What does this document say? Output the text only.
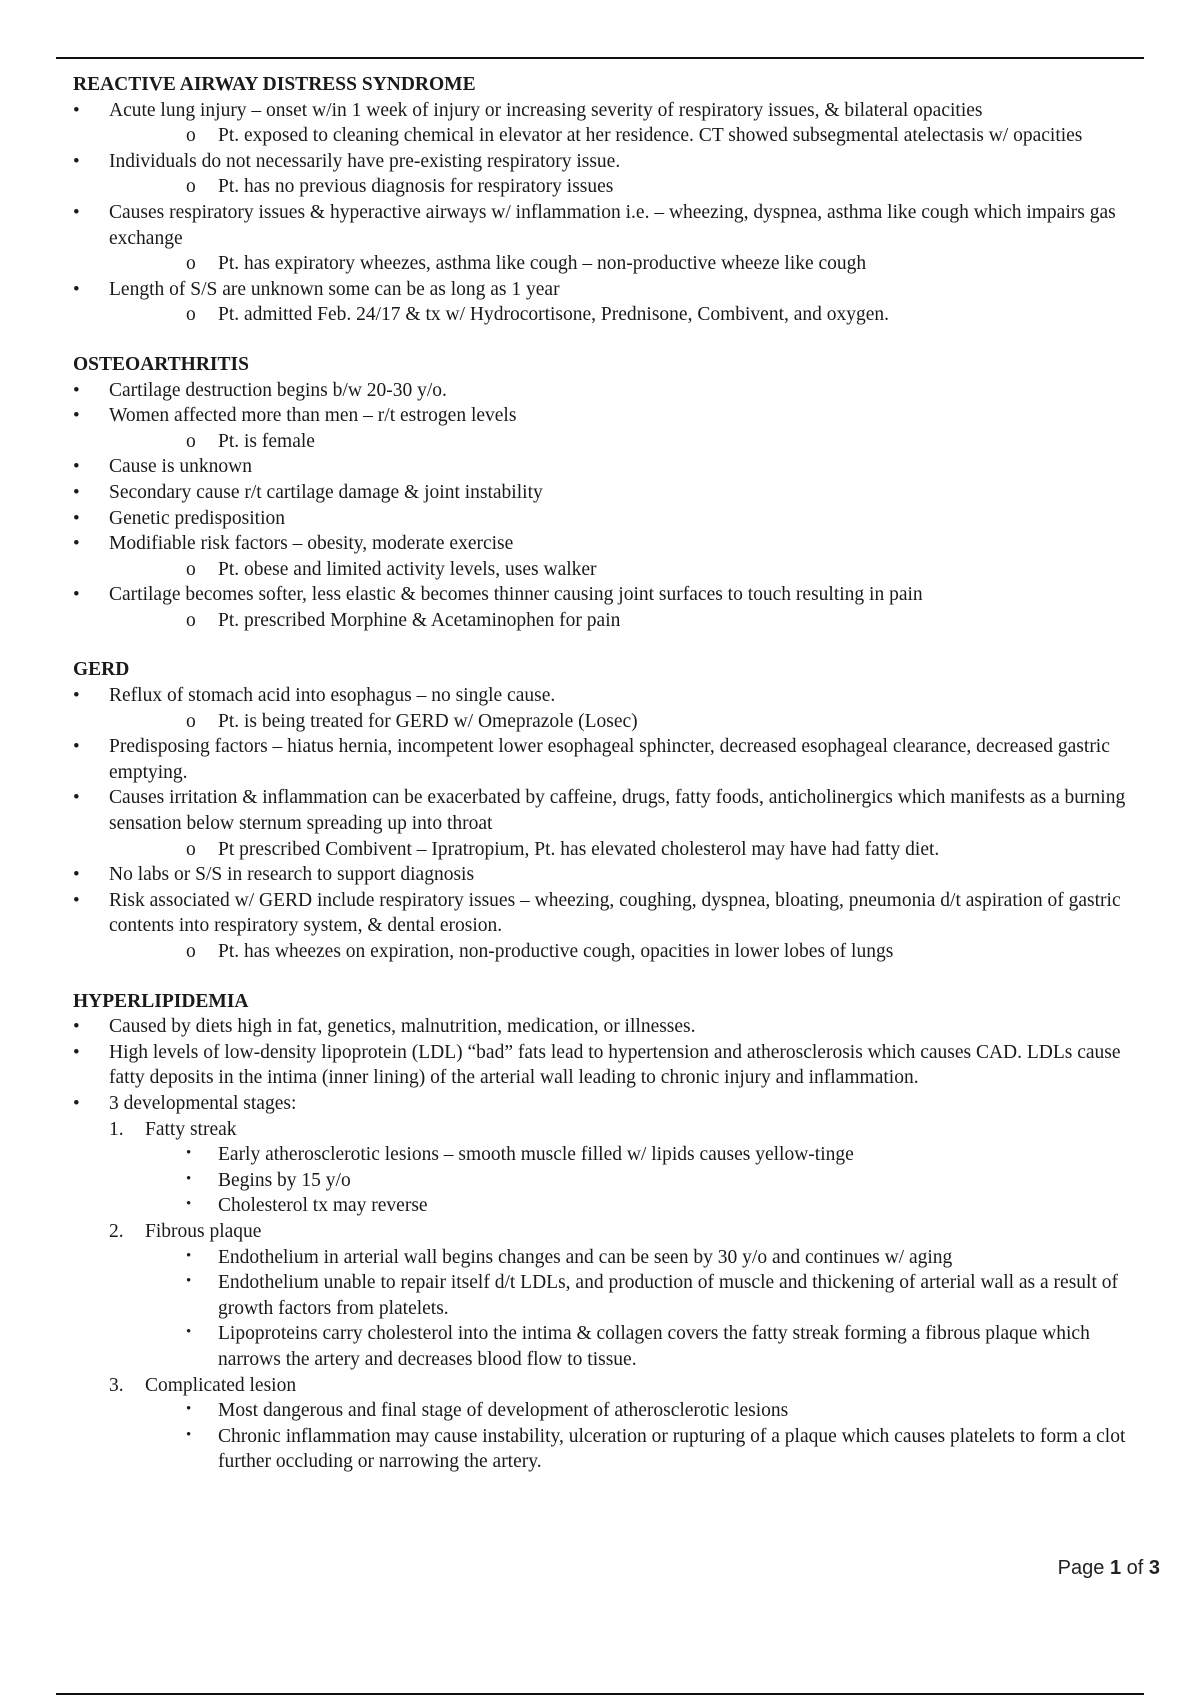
REACTIVE AIRWAY DISTRESS SYNDROME
• Acute lung injury – onset w/in 1 week of injury or increasing severity of respiratory issues, & bilateral opacities
o Pt. exposed to cleaning chemical in elevator at her residence. CT showed subsegmental atelectasis w/ opacities
• Individuals do not necessarily have pre-existing respiratory issue.
o Pt. has no previous diagnosis for respiratory issues
• Causes respiratory issues & hyperactive airways w/ inflammation i.e. – wheezing, dyspnea, asthma like cough which impairs gas exchange
o Pt. has expiratory wheezes, asthma like cough – non-productive wheeze like cough
• Length of S/S are unknown some can be as long as 1 year
o Pt. admitted Feb. 24/17 & tx w/ Hydrocortisone, Prednisone, Combivent, and oxygen.
OSTEOARTHRITIS
• Cartilage destruction begins b/w 20-30 y/o.
• Women affected more than men – r/t estrogen levels
o Pt. is female
• Cause is unknown
• Secondary cause r/t cartilage damage & joint instability
• Genetic predisposition
• Modifiable risk factors – obesity, moderate exercise
o Pt. obese and limited activity levels, uses walker
• Cartilage becomes softer, less elastic & becomes thinner causing joint surfaces to touch resulting in pain
o Pt. prescribed Morphine & Acetaminophen for pain
GERD
• Reflux of stomach acid into esophagus – no single cause.
o Pt. is being treated for GERD w/ Omeprazole (Losec)
• Predisposing factors – hiatus hernia, incompetent lower esophageal sphincter, decreased esophageal clearance, decreased gastric emptying.
• Causes irritation & inflammation can be exacerbated by caffeine, drugs, fatty foods, anticholinergics which manifests as a burning sensation below sternum spreading up into throat
o Pt prescribed Combivent – Ipratropium, Pt. has elevated cholesterol may have had fatty diet.
• No labs or S/S in research to support diagnosis
• Risk associated w/ GERD include respiratory issues – wheezing, coughing, dyspnea, bloating, pneumonia d/t aspiration of gastric contents into respiratory system, & dental erosion.
o Pt. has wheezes on expiration, non-productive cough, opacities in lower lobes of lungs
HYPERLIPIDEMIA
• Caused by diets high in fat, genetics, malnutrition, medication, or illnesses.
• High levels of low-density lipoprotein (LDL) “bad” fats lead to hypertension and atherosclerosis which causes CAD. LDLs cause fatty deposits in the intima (inner lining) of the arterial wall leading to chronic injury and inflammation.
• 3 developmental stages:
1. Fatty streak
• Early atherosclerotic lesions – smooth muscle filled w/ lipids causes yellow-tinge
• Begins by 15 y/o
• Cholesterol tx may reverse
2. Fibrous plaque
• Endothelium in arterial wall begins changes and can be seen by 30 y/o and continues w/ aging
• Endothelium unable to repair itself d/t LDLs, and production of muscle and thickening of arterial wall as a result of growth factors from platelets.
• Lipoproteins carry cholesterol into the intima & collagen covers the fatty streak forming a fibrous plaque which narrows the artery and decreases blood flow to tissue.
3. Complicated lesion
• Most dangerous and final stage of development of atherosclerotic lesions
• Chronic inflammation may cause instability, ulceration or rupturing of a plaque which causes platelets to form a clot further occluding or narrowing the artery.
Page 1 of 3
